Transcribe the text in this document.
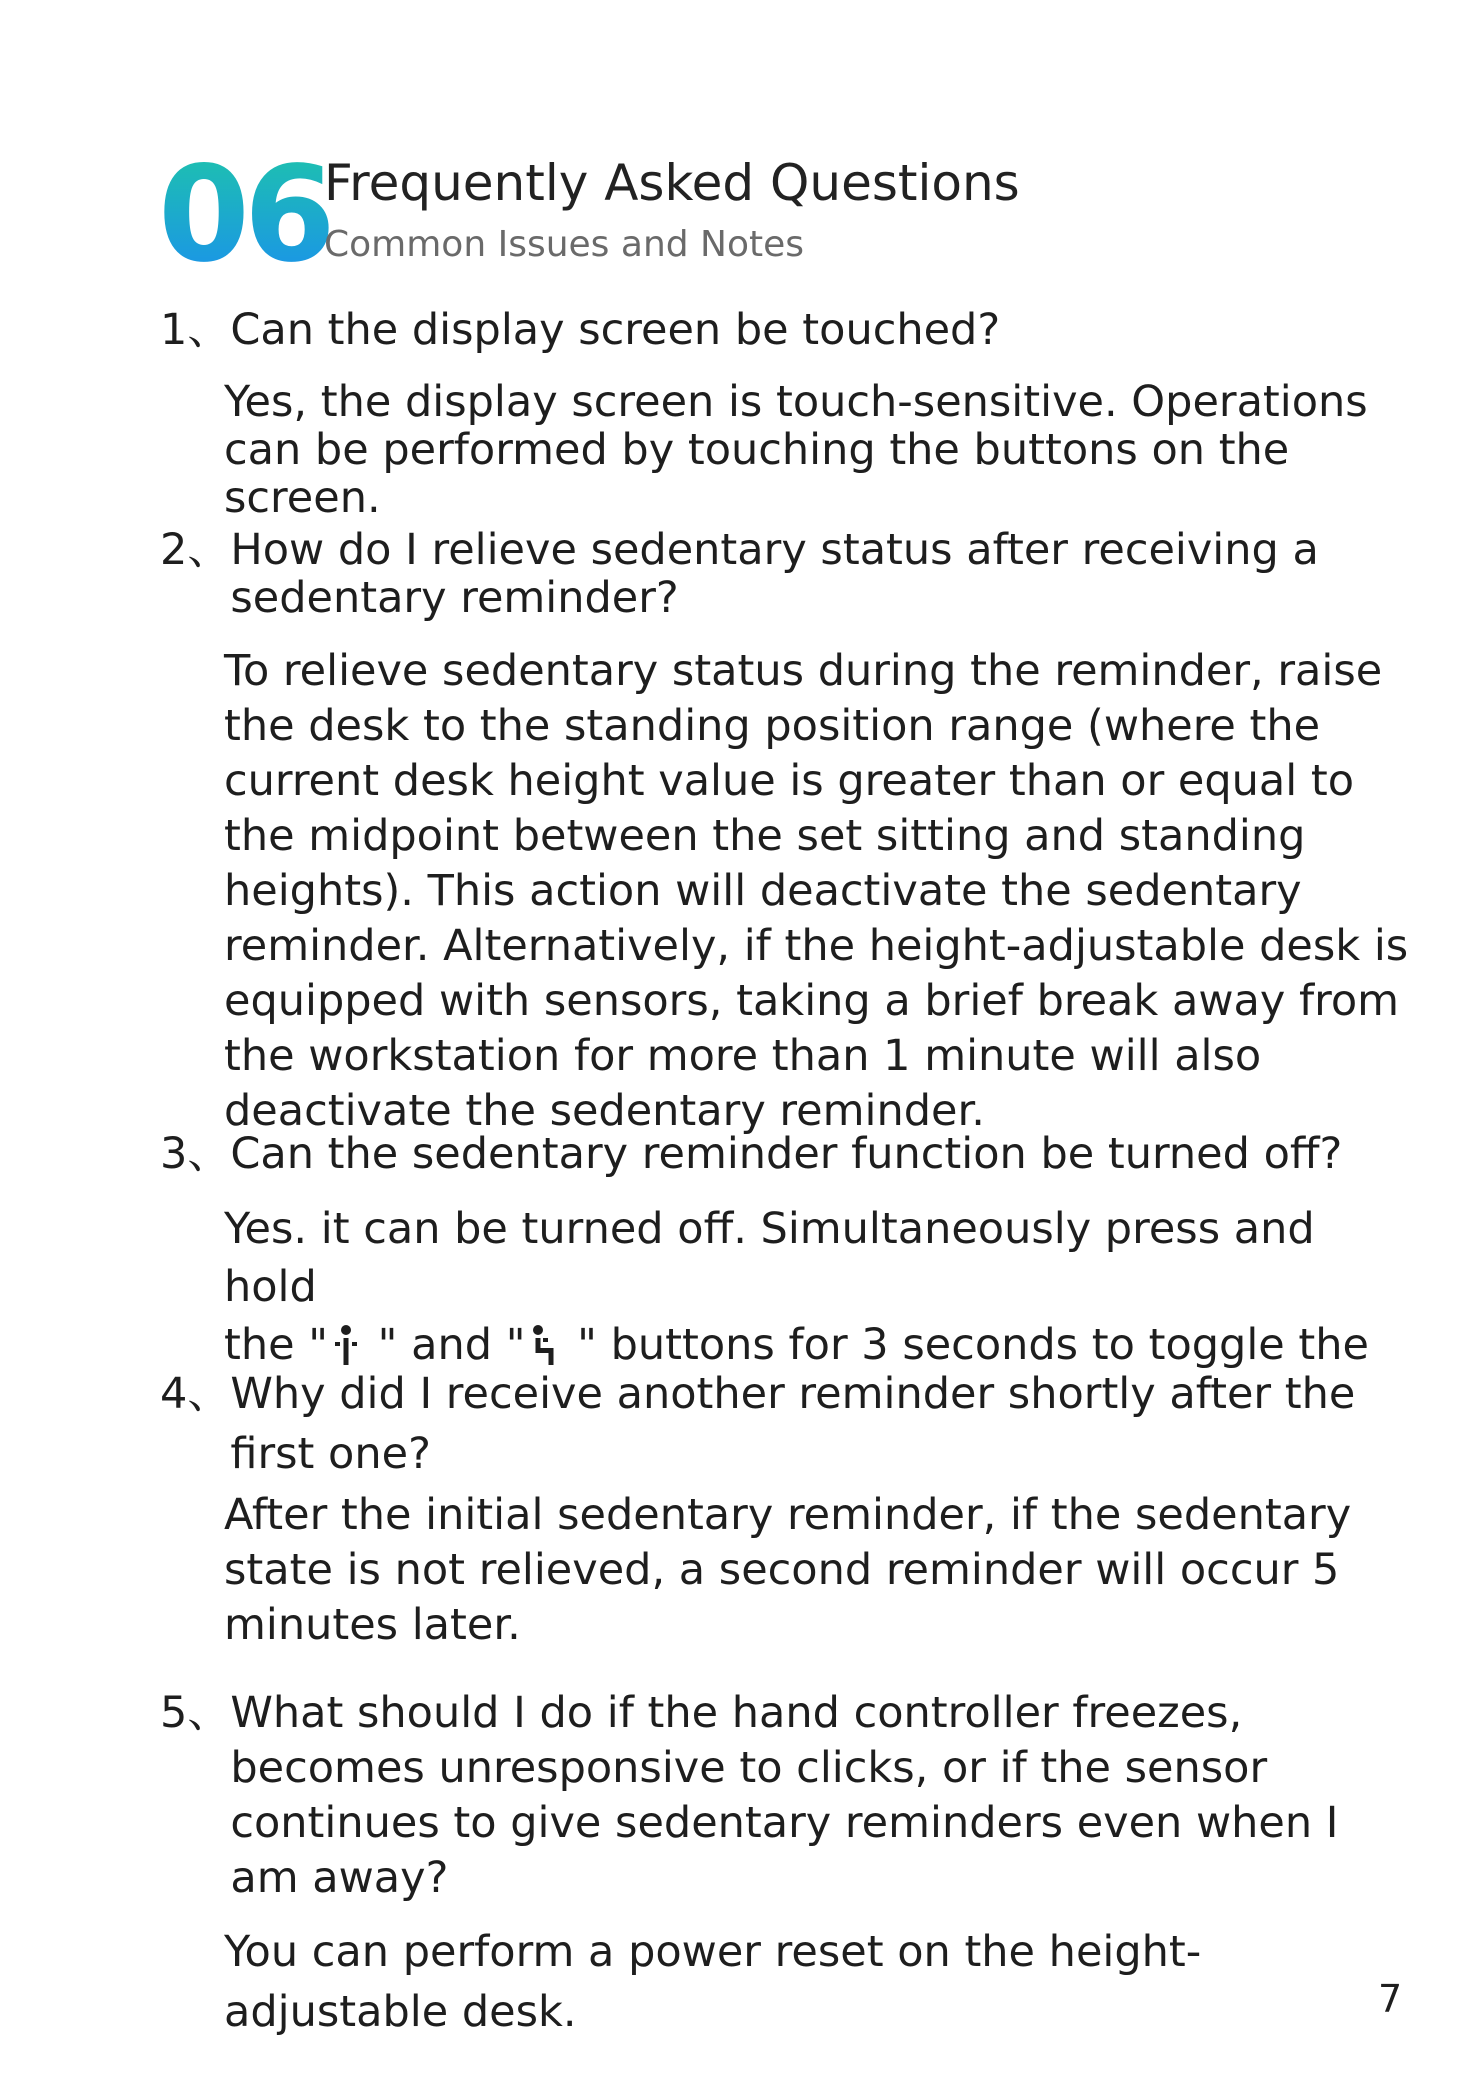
06
Frequently Asked Questions
Common Issues and Notes
1、 Can the display screen be touched?
Yes, the display screen is touch-sensitive. Operations can be performed by touching the buttons on the screen.
2、 How do I relieve sedentary status after receiving a sedentary reminder?
To relieve sedentary status during the reminder, raise the desk to the standing position range (where the current desk height value is greater than or equal to the midpoint between the set sitting and standing heights). This action will deactivate the sedentary reminder. Alternatively, if the height-adjustable desk is equipped with sensors, taking a brief break away from the workstation for more than 1 minute will also deactivate the sedentary reminder.
3、 Can the sedentary reminder function be turned off?
Yes. it can be turned off. Simultaneously press and hold
the " " and " " buttons for 3 seconds to toggle the
4、 Why did I receive another reminder shortly after the first one?
After the initial sedentary reminder, if the sedentary state is not relieved, a second reminder will occur 5 minutes later.
5、 What should I do if the hand controller freezes, becomes unresponsive to clicks, or if the sensor continues to give sedentary reminders even when I am away?
You can perform a power reset on the height-adjustable desk.	7
